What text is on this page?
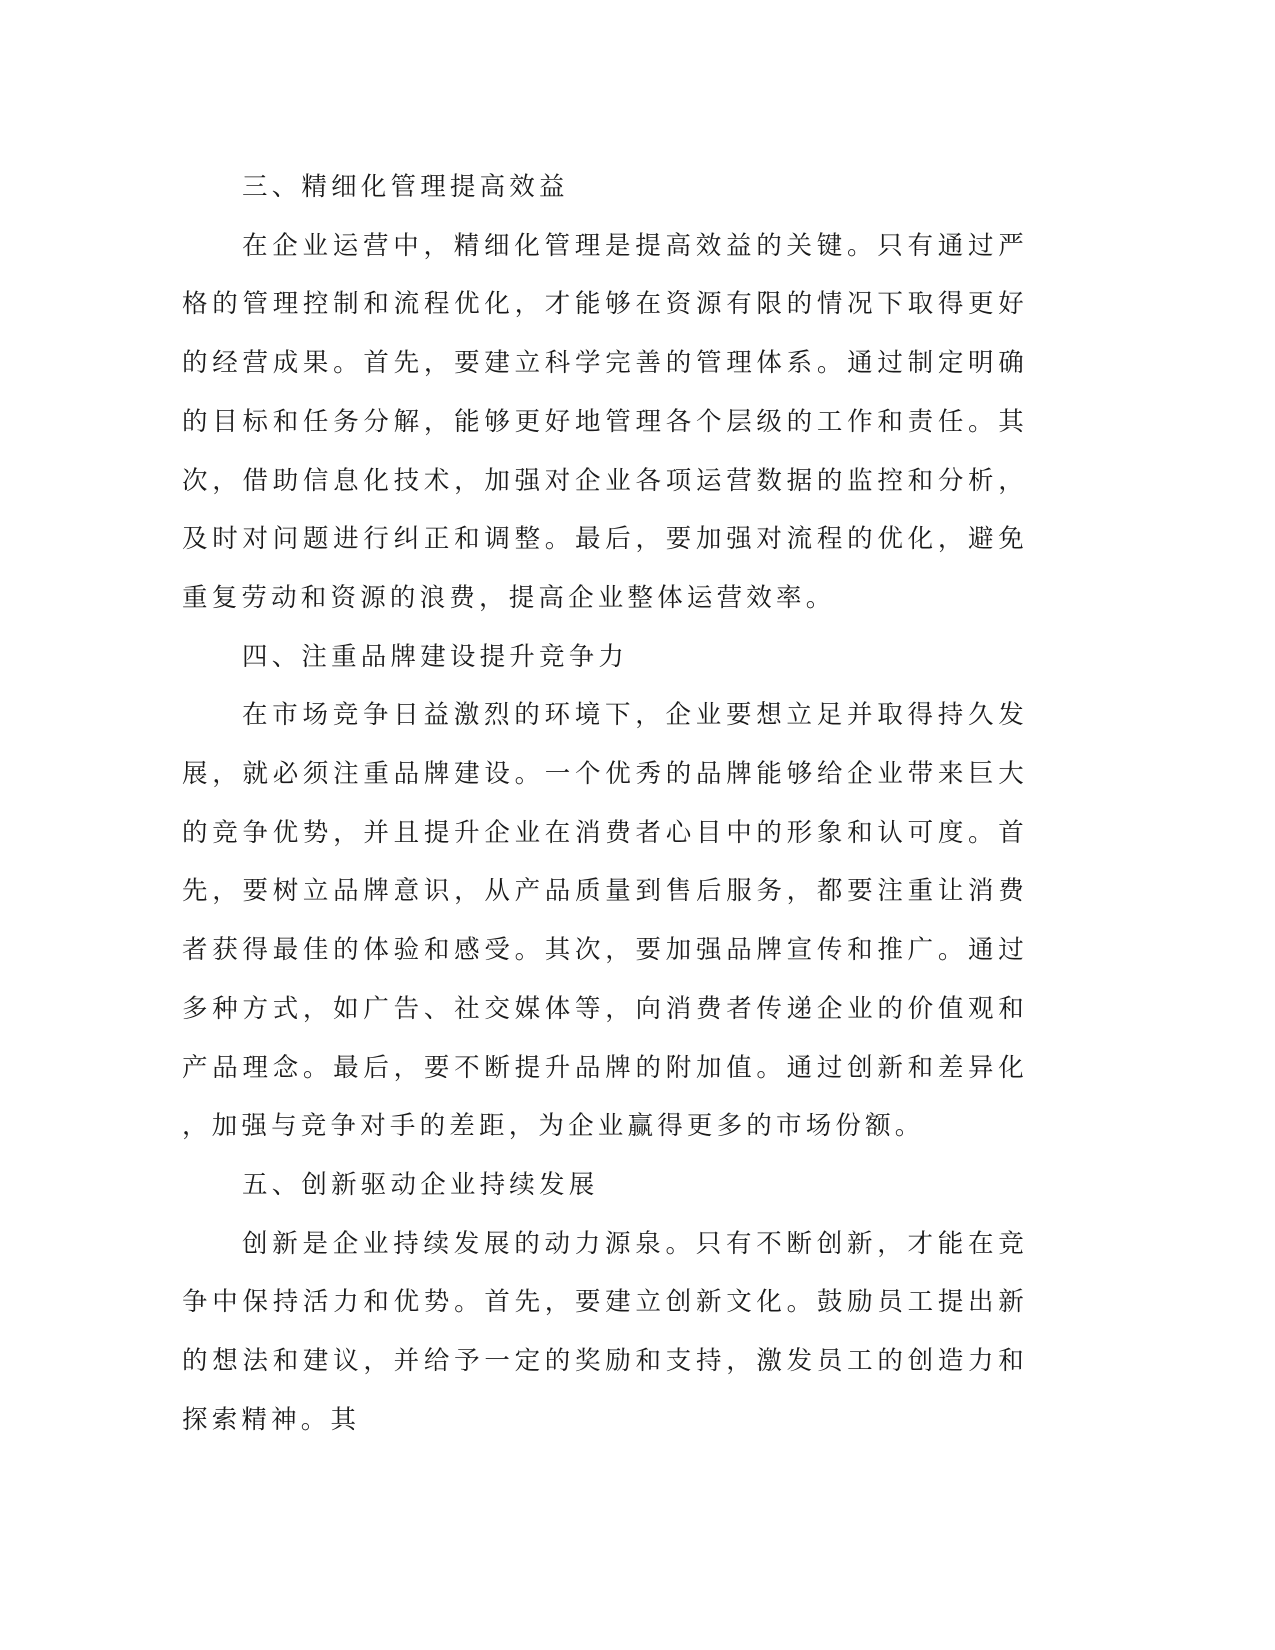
三、精细化管理提高效益

在企业运营中，精细化管理是提高效益的关键。只有通过严格的管理控制和流程优化，才能够在资源有限的情况下取得更好的经营成果。首先，要建立科学完善的管理体系。通过制定明确的目标和任务分解，能够更好地管理各个层级的工作和责任。其次，借助信息化技术，加强对企业各项运营数据的监控和分析，及时对问题进行纠正和调整。最后，要加强对流程的优化，避免重复劳动和资源的浪费，提高企业整体运营效率。

四、注重品牌建设提升竞争力

在市场竞争日益激烈的环境下，企业要想立足并取得持久发展，就必须注重品牌建设。一个优秀的品牌能够给企业带来巨大的竞争优势，并且提升企业在消费者心目中的形象和认可度。首先，要树立品牌意识，从产品质量到售后服务，都要注重让消费者获得最佳的体验和感受。其次，要加强品牌宣传和推广。通过多种方式，如广告、社交媒体等，向消费者传递企业的价值观和产品理念。最后，要不断提升品牌的附加值。通过创新和差异化，加强与竞争对手的差距，为企业赢得更多的市场份额。

五、创新驱动企业持续发展

创新是企业持续发展的动力源泉。只有不断创新，才能在竞争中保持活力和优势。首先，要建立创新文化。鼓励员工提出新的想法和建议，并给予一定的奖励和支持，激发员工的创造力和探索精神。其
